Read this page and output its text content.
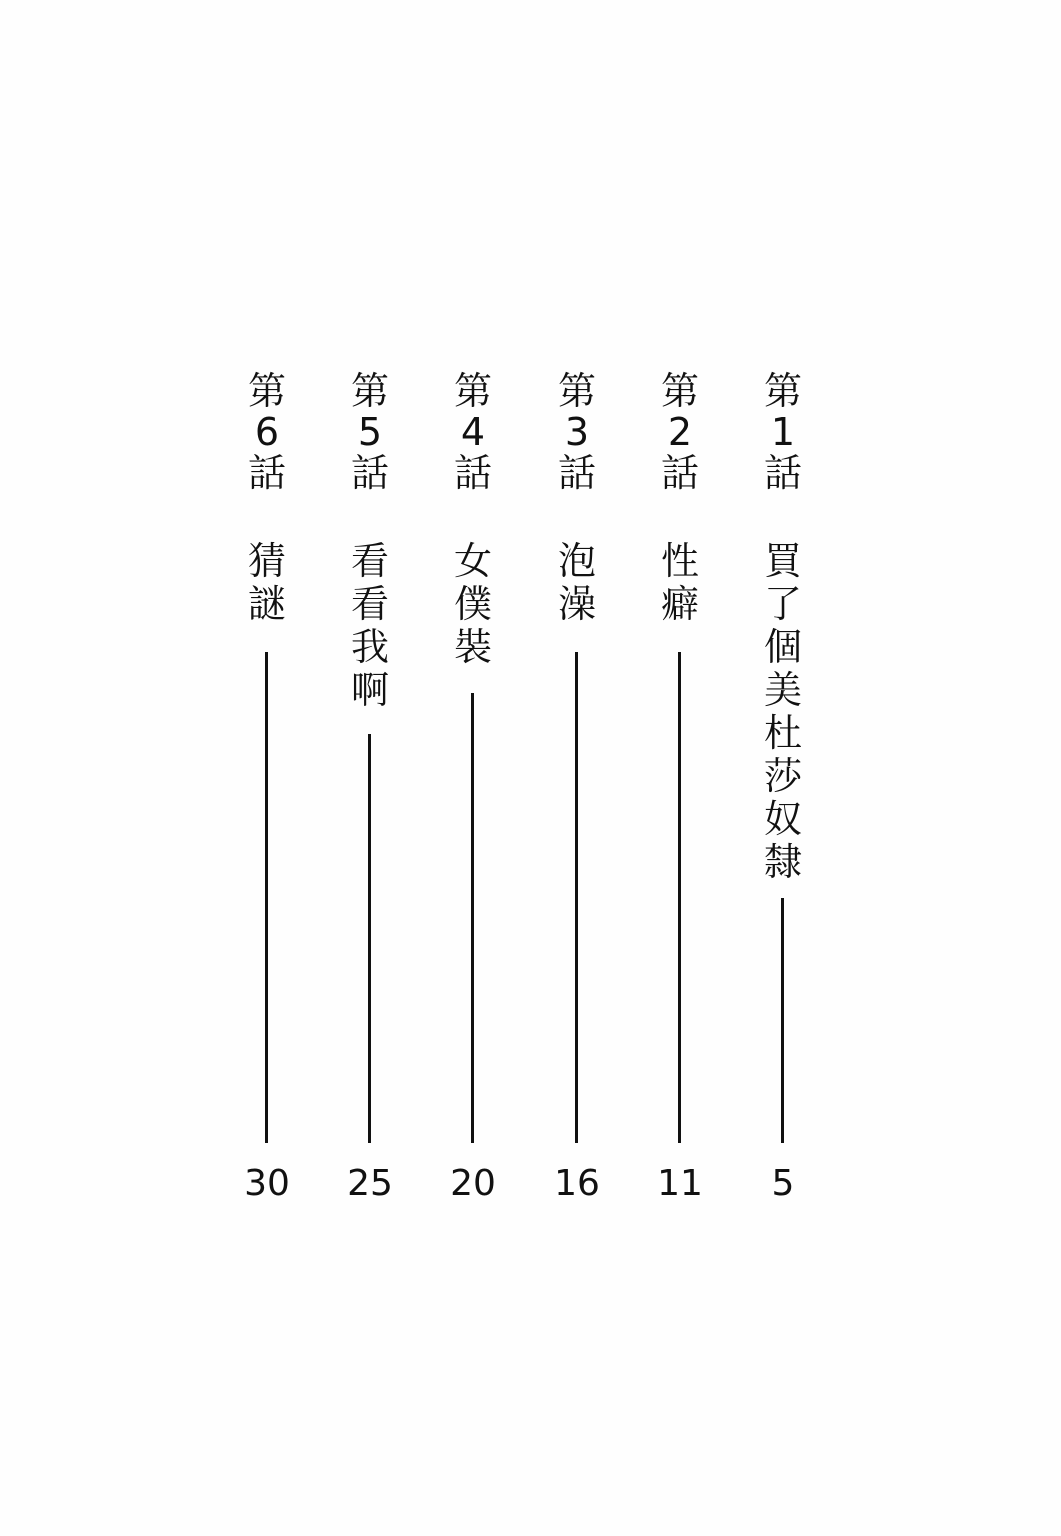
第
1
話
買
了
個
美
杜
莎
奴
隸
5
第
2
話
性
癖
11
第
3
話
泡
澡
16
第
4
話
女
僕
裝
20
第
5
話
看
看
我
啊
25
第
6
話
猜
謎
30
